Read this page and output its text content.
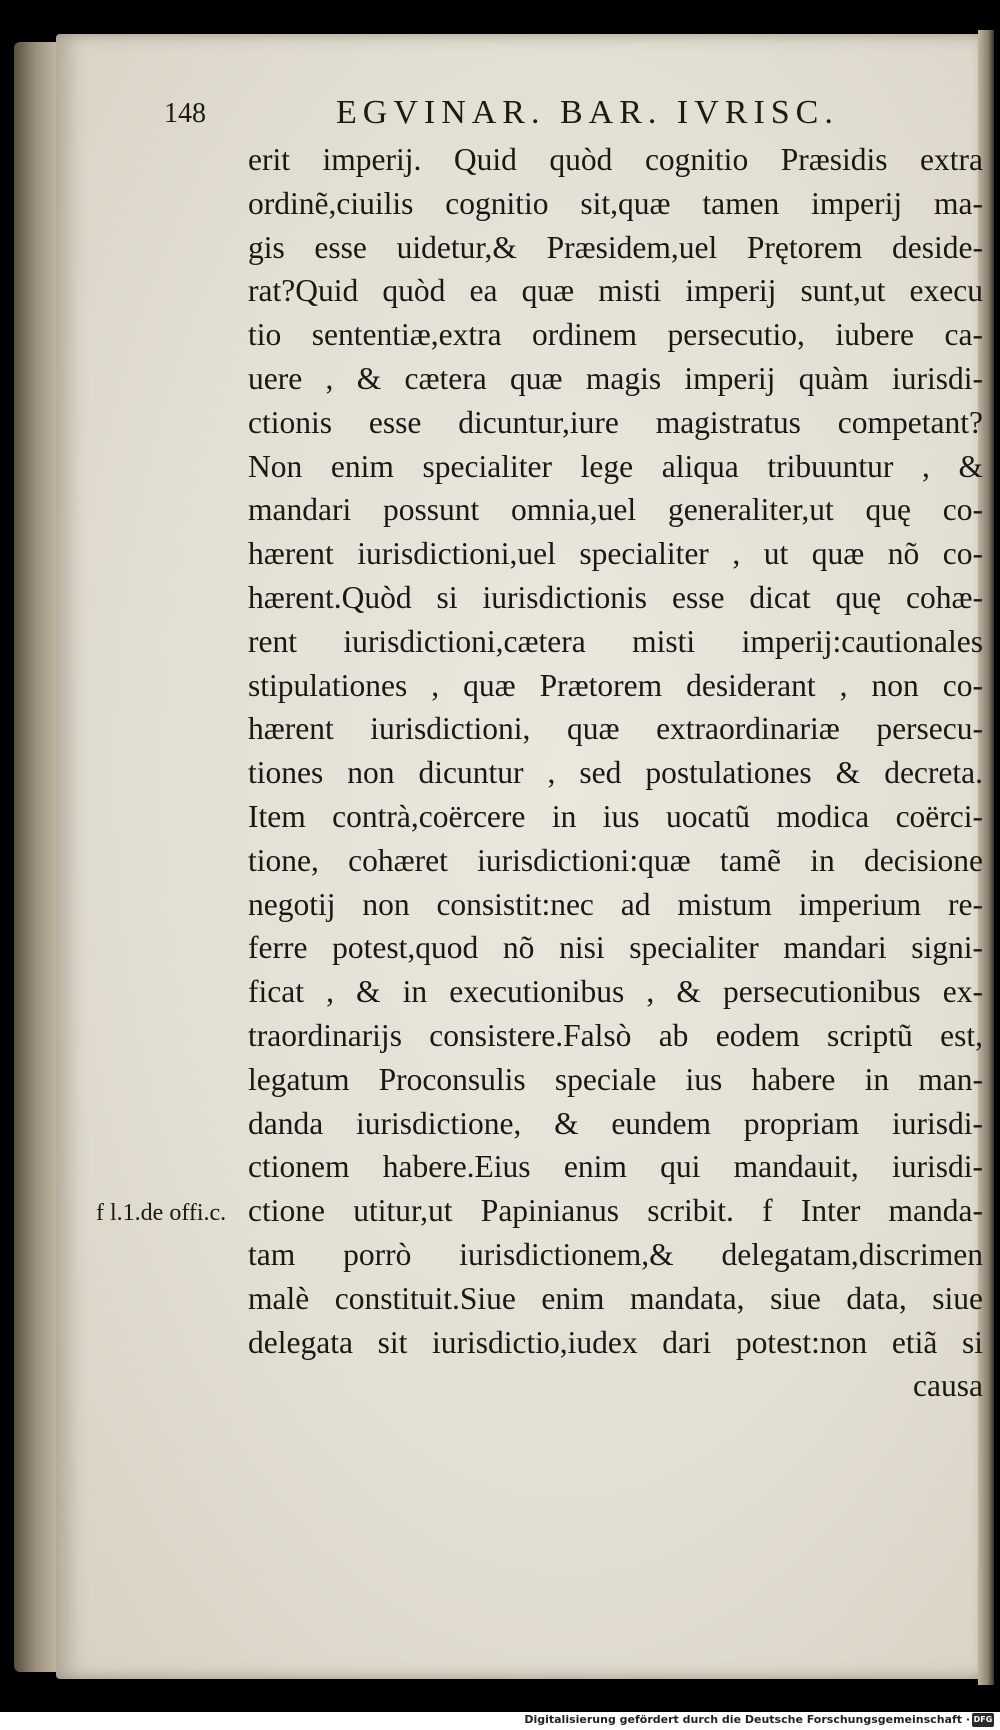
148	EGVINAR. BAR. IVRISC.
erit imperij. Quid quòd cognitio Præsidis extra
ordinẽ,ciuilis cognitio sit,quæ tamen imperij ma-
gis esse uidetur,& Præsidem,uel Prętorem deside-
rat?Quid quòd ea quæ misti imperij sunt,ut execu
tio sententiæ,extra ordinem persecutio, iubere ca-
uere , & cætera quæ magis imperij quàm iurisdi-
ctionis esse dicuntur,iure magistratus competant?
Non enim specialiter lege aliqua tribuuntur , &
mandari possunt omnia,uel generaliter,ut quę co-
hærent iurisdictioni,uel specialiter , ut quæ nõ co-
hærent.Quòd si iurisdictionis esse dicat quę cohæ-
rent iurisdictioni,cætera misti imperij:cautionales
stipulationes , quæ Prætorem desiderant , non co-
hærent iurisdictioni, quæ extraordinariæ persecu-
tiones non dicuntur , sed postulationes & decreta.
Item contrà,coërcere in ius uocatũ modica coërci-
tione, cohæret iurisdictioni:quæ tamẽ in decisione
negotij non consistit:nec ad mistum imperium re-
ferre potest,quod nõ nisi specialiter mandari signi-
ficat , & in executionibus , & persecutionibus ex-
traordinarijs consistere.Falsò ab eodem scriptũ est,
legatum Proconsulis speciale ius habere in man-
danda iurisdictione, & eundem propriam iurisdi-
ctionem habere.Eius enim qui mandauit, iurisdi-
ctione utitur,ut Papinianus scribit. f Inter manda-
tam porrò iurisdictionem,& delegatam,discrimen
malè constituit.Siue enim mandata, siue data, siue
delegata sit iurisdictio,iudex dari potest:non etiã si
causa
f l.1.de offi.c.
Digitalisierung gefördert durch die Deutsche Forschungsgemeinschaft · DFG
